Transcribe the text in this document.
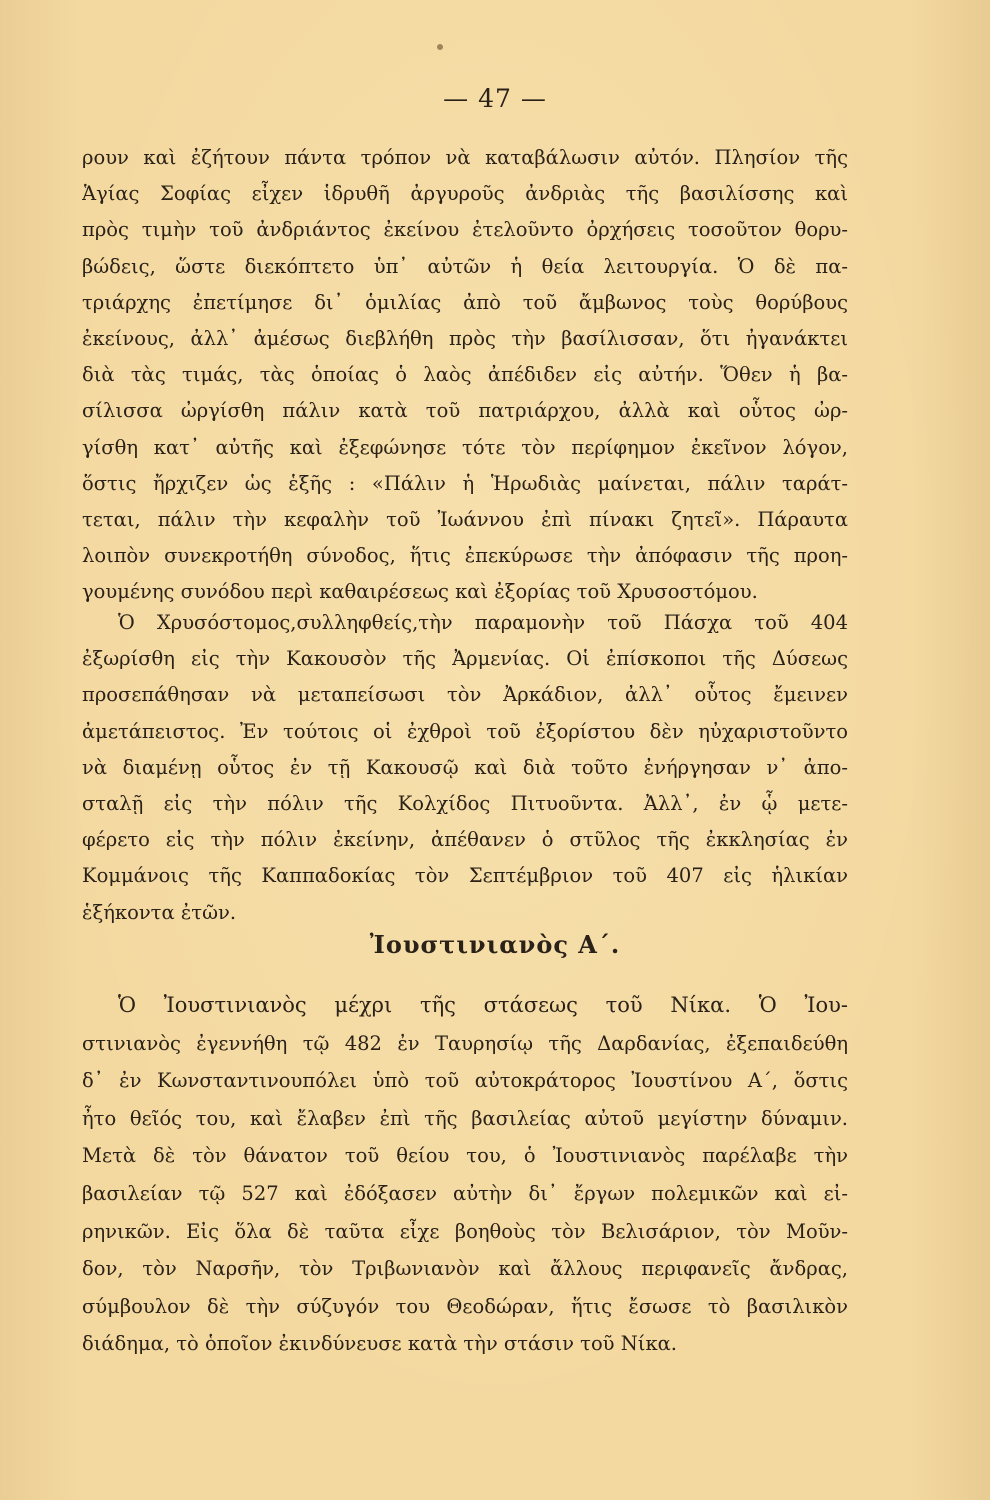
— 47 —
ρουν καὶ ἐζήτουν πάντα τρόπον νὰ καταβάλωσιν αὐτόν. Πλησίον τῆς
Ἁγίας Σοφίας εἶχεν ἱδρυθῆ ἀργυροῦς ἀνδριὰς τῆς βασιλίσσης καὶ
πρὸς τιμὴν τοῦ ἀνδριάντος ἐκείνου ἐτελοῦντο ὀρχήσεις τοσοῦτον θορυ-
βώδεις, ὥστε διεκόπτετο ὑπ᾽ αὐτῶν ἡ θεία λειτουργία. Ὁ δὲ πα-
τριάρχης ἐπετίμησε δι᾽ ὁμιλίας ἀπὸ τοῦ ἄμβωνος τοὺς θορύβους
ἐκείνους, ἀλλ᾽ ἀμέσως διεβλήθη πρὸς τὴν βασίλισσαν, ὅτι ἠγανάκτει
διὰ τὰς τιμάς, τὰς ὁποίας ὁ λαὸς ἀπέδιδεν εἰς αὐτήν. Ὅθεν ἡ βα-
σίλισσα ὠργίσθη πάλιν κατὰ τοῦ πατριάρχου, ἀλλὰ καὶ οὗτος ὠρ-
γίσθη κατ᾽ αὐτῆς καὶ ἐξεφώνησε τότε τὸν περίφημον ἐκεῖνον λόγον,
ὅστις ἤρχιζεν ὡς ἑξῆς : «Πάλιν ἡ Ἡρωδιὰς μαίνεται, πάλιν ταράτ-
τεται, πάλιν τὴν κεφαλὴν τοῦ Ἰωάννου ἐπὶ πίνακι ζητεῖ». Πάραυτα
λοιπὸν συνεκροτήθη σύνοδος, ἥτις ἐπεκύρωσε τὴν ἀπόφασιν τῆς προη-
γουμένης συνόδου περὶ καθαιρέσεως καὶ ἐξορίας τοῦ Χρυσοστόμου.
Ὁ Χρυσόστομος,συλληφθείς,τὴν παραμονὴν τοῦ Πάσχα τοῦ 404
ἐξωρίσθη εἰς τὴν Κακουσὸν τῆς Ἀρμενίας. Οἱ ἐπίσκοποι τῆς Δύσεως
προσεπάθησαν νὰ μεταπείσωσι τὸν Ἀρκάδιον, ἀλλ᾽ οὗτος ἔμεινεν
ἀμετάπειστος. Ἐν τούτοις οἱ ἐχθροὶ τοῦ ἐξορίστου δὲν ηὐχαριστοῦντο
νὰ διαμένῃ οὗτος ἐν τῇ Κακουσῷ καὶ διὰ τοῦτο ἐνήργησαν ν᾽ ἀπο-
σταλῇ εἰς τὴν πόλιν τῆς Κολχίδος Πιτυοῦντα. Ἀλλ᾽, ἐν ᾧ μετε-
φέρετο εἰς τὴν πόλιν ἐκείνην, ἀπέθανεν ὁ στῦλος τῆς ἐκκλησίας ἐν
Κομμάνοις τῆς Καππαδοκίας τὸν Σεπτέμβριον τοῦ 407 εἰς ἡλικίαν
ἑξήκοντα ἐτῶν.
Ἰουστινιανὸς Α΄.
Ὁ Ἰουστινιανὸς μέχρι τῆς στάσεως τοῦ Νίκα. Ὁ Ἰου-
στινιανὸς ἐγεννήθη τῷ 482 ἐν Ταυρησίῳ τῆς Δαρδανίας, ἐξεπαιδεύθη
δ᾽ ἐν Κωνσταντινουπόλει ὑπὸ τοῦ αὐτοκράτορος Ἰουστίνου Α΄, ὅστις
ἦτο θεῖός του, καὶ ἔλαβεν ἐπὶ τῆς βασιλείας αὐτοῦ μεγίστην δύναμιν.
Μετὰ δὲ τὸν θάνατον τοῦ θείου του, ὁ Ἰουστινιανὸς παρέλαβε τὴν
βασιλείαν τῷ 527 καὶ ἐδόξασεν αὐτὴν δι᾽ ἔργων πολεμικῶν καὶ εἰ-
ρηνικῶν. Εἰς ὅλα δὲ ταῦτα εἶχε βοηθοὺς τὸν Βελισάριον, τὸν Μοῦν-
δον, τὸν Ναρσῆν, τὸν Τριβωνιανὸν καὶ ἄλλους περιφανεῖς ἄνδρας,
σύμβουλον δὲ τὴν σύζυγόν του Θεοδώραν, ἥτις ἔσωσε τὸ βασιλικὸν
διάδημα, τὸ ὁποῖον ἐκινδύνευσε κατὰ τὴν στάσιν τοῦ Νίκα.
